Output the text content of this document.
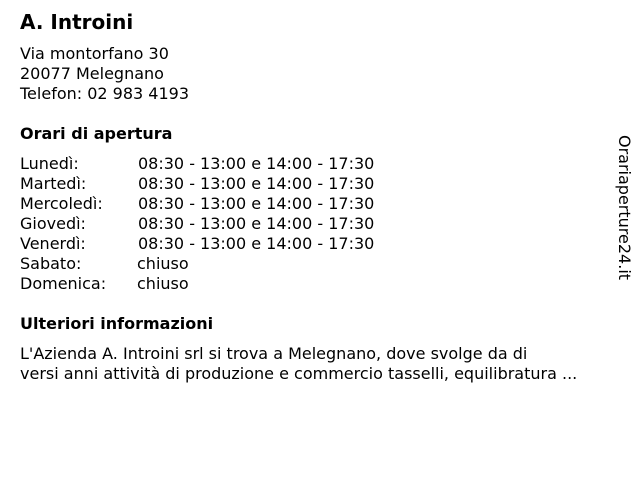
A. Introini
Via montorfano 30
20077 Melegnano
Telefon: 02 983 4193
Orari di apertura
Lunedì:	08:30 - 13:00 e 14:00 - 17:30
Martedì:	08:30 - 13:00 e 14:00 - 17:30
Mercoledì: 08:30 - 13:00 e 14:00 - 17:30
Giovedì:	08:30 - 13:00 e 14:00 - 17:30
Venerdì:	08:30 - 13:00 e 14:00 - 17:30
Sabato:	chiuso
Domenica: chiuso
Ulteriori informazioni
L'Azienda A. Introini srl si trova a Melegnano, dove svolge da di
versi anni attività di produzione e commercio tasselli, equilibratura ...
Orariaperture24.it
